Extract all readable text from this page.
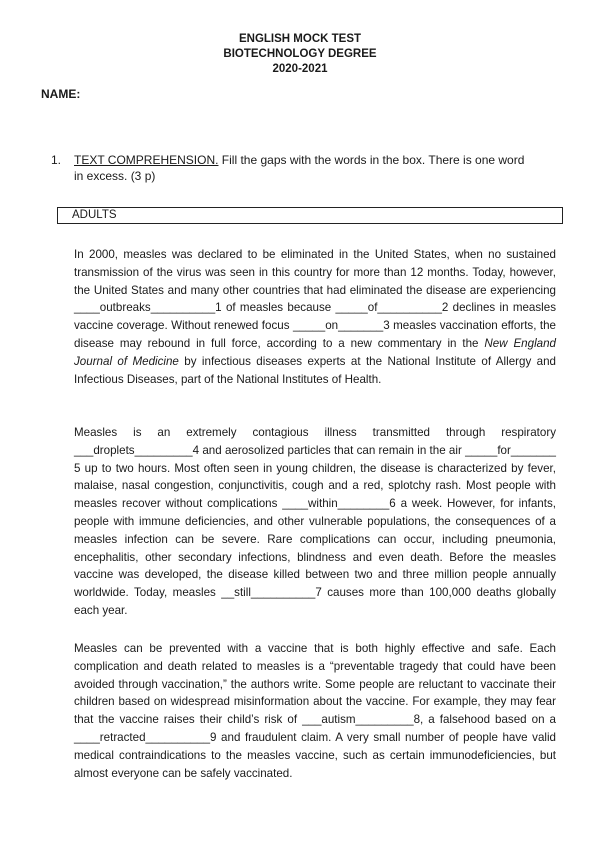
ENGLISH MOCK TEST
BIOTECHNOLOGY DEGREE
2020-2021
NAME:
1. TEXT COMPREHENSION. Fill the gaps with the words in the box. There is one word in excess. (3 p)
ADULTS

In 2000, measles was declared to be eliminated in the United States, when no sustained transmission of the virus was seen in this country for more than 12 months. Today, however, the United States and many other countries that had eliminated the disease are experiencing ____outbreaks__________1 of measles because _____of__________2 declines in measles vaccine coverage. Without renewed focus _____on_______3 measles vaccination efforts, the disease may rebound in full force, according to a new commentary in the New England Journal of Medicine by infectious diseases experts at the National Institute of Allergy and Infectious Diseases, part of the National Institutes of Health.

Measles is an extremely contagious illness transmitted through respiratory ___droplets_________4 and aerosolized particles that can remain in the air _____for_______ 5 up to two hours. Most often seen in young children, the disease is characterized by fever, malaise, nasal congestion, conjunctivitis, cough and a red, splotchy rash. Most people with measles recover without complications ____within________6 a week. However, for infants, people with immune deficiencies, and other vulnerable populations, the consequences of a measles infection can be severe. Rare complications can occur, including pneumonia, encephalitis, other secondary infections, blindness and even death. Before the measles vaccine was developed, the disease killed between two and three million people annually worldwide. Today, measles __still__________7 causes more than 100,000 deaths globally each year.

Measles can be prevented with a vaccine that is both highly effective and safe. Each complication and death related to measles is a “preventable tragedy that could have been avoided through vaccination,” the authors write. Some people are reluctant to vaccinate their children based on widespread misinformation about the vaccine. For example, they may fear that the vaccine raises their child’s risk of ___autism_________8, a falsehood based on a ____retracted__________9 and fraudulent claim. A very small number of people have valid medical contraindications to the measles vaccine, such as certain immunodeficiencies, but almost everyone can be safely vaccinated.
